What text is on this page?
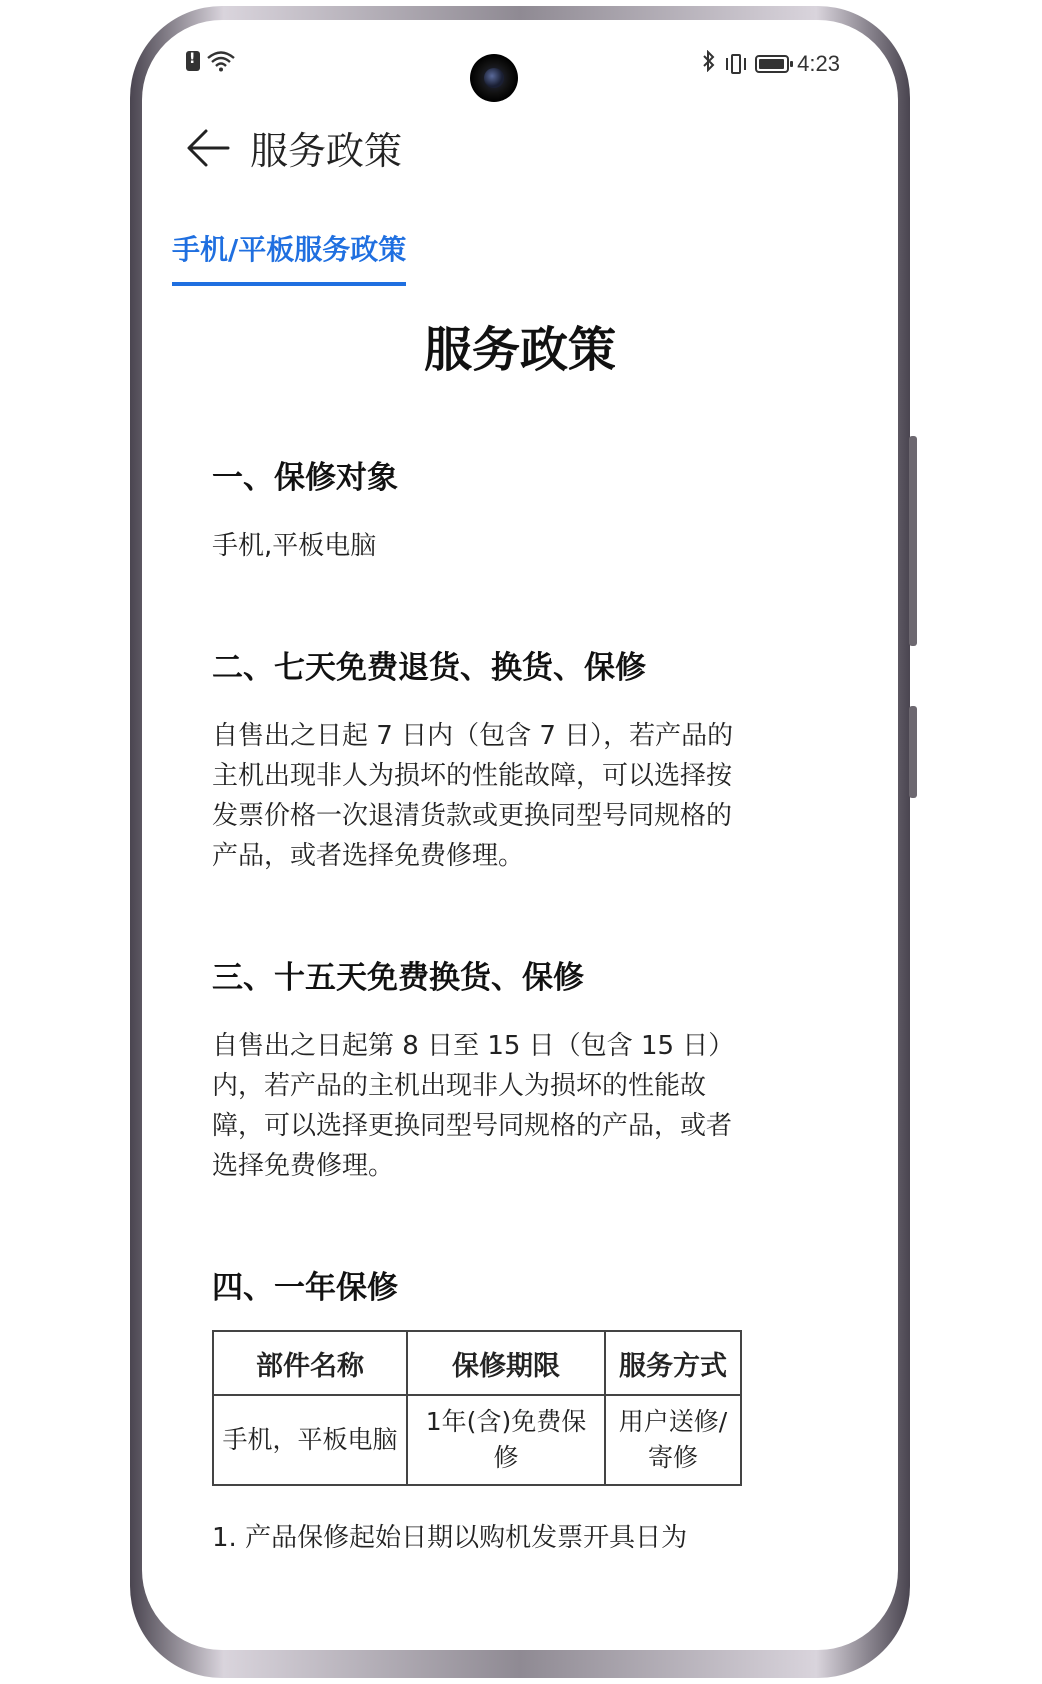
!
4:23
服务政策
手机/平板服务政策
服务政策
一、保修对象

手机,平板电脑

二、七天免费退货、换货、保修

自售出之日起 7 日内（包含 7 日），若产品的主机出现非人为损坏的性能故障，可以选择按发票价格一次退清货款或更换同型号同规格的产品，或者选择免费修理。

三、十五天免费换货、保修

自售出之日起第 8 日至 15 日（包含 15 日）内，若产品的主机出现非人为损坏的性能故障，可以选择更换同型号同规格的产品，或者选择免费修理。

四、一年保修
部件名称	保修期限	服务方式
手机，平板电脑	1年(含)免费保修	用户送修/ 寄修
1. 产品保修起始日期以购机发票开具日为
